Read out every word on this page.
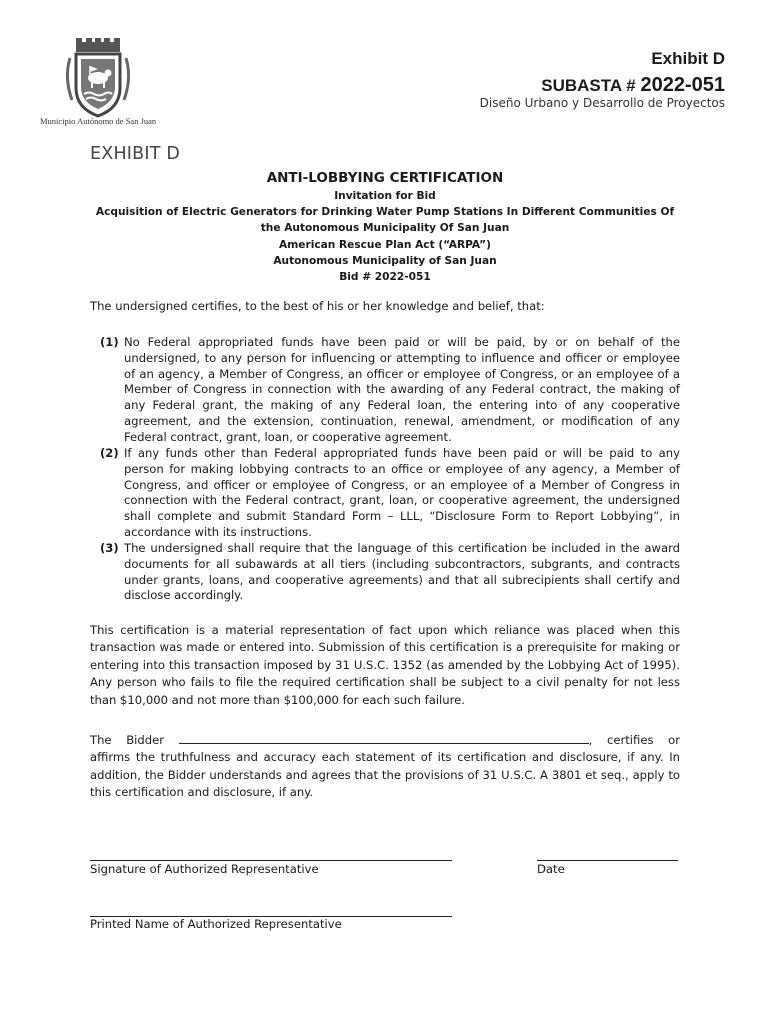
Municipio Autónomo de San Juan
Exhibit D
SUBASTA # 2022-051
Diseño Urbano y Desarrollo de Proyectos
EXHIBIT D
ANTI-LOBBYING CERTIFICATION
Invitation for Bid
Acquisition of Electric Generators for Drinking Water Pump Stations In Different Communities Of
the Autonomous Municipality Of San Juan
American Rescue Plan Act (“ARPA”)
Autonomous Municipality of San Juan
Bid # 2022-051
The undersigned certifies, to the best of his or her knowledge and belief, that:
(1) No Federal appropriated funds have been paid or will be paid, by or on behalf of the undersigned, to any person for influencing or attempting to influence and officer or employee of an agency, a Member of Congress, an officer or employee of Congress, or an employee of a Member of Congress in connection with the awarding of any Federal contract, the making of any Federal grant, the making of any Federal loan, the entering into of any cooperative agreement, and the extension, continuation, renewal, amendment, or modification of any Federal contract, grant, loan, or cooperative agreement.
(2) If any funds other than Federal appropriated funds have been paid or will be paid to any person for making lobbying contracts to an office or employee of any agency, a Member of Congress, and officer or employee of Congress, or an employee of a Member of Congress in connection with the Federal contract, grant, loan, or cooperative agreement, the undersigned shall complete and submit Standard Form – LLL, “Disclosure Form to Report Lobbying”, in accordance with its instructions.
(3) The undersigned shall require that the language of this certification be included in the award documents for all subawards at all tiers (including subcontractors, subgrants, and contracts under grants, loans, and cooperative agreements) and that all subrecipients shall certify and disclose accordingly.
This certification is a material representation of fact upon which reliance was placed when this transaction was made or entered into. Submission of this certification is a prerequisite for making or entering into this transaction imposed by 31 U.S.C. 1352 (as amended by the Lobbying Act of 1995). Any person who fails to file the required certification shall be subject to a civil penalty for not less than $10,000 and not more than $100,000 for each such failure.
The Bidder	, certifies or affirms the truthfulness and accuracy each statement of its certification and disclosure, if any. In addition, the Bidder understands and agrees that the provisions of 31 U.S.C. A 3801 et seq., apply to this certification and disclosure, if any.
Signature of Authorized Representative	Date
Printed Name of Authorized Representative
